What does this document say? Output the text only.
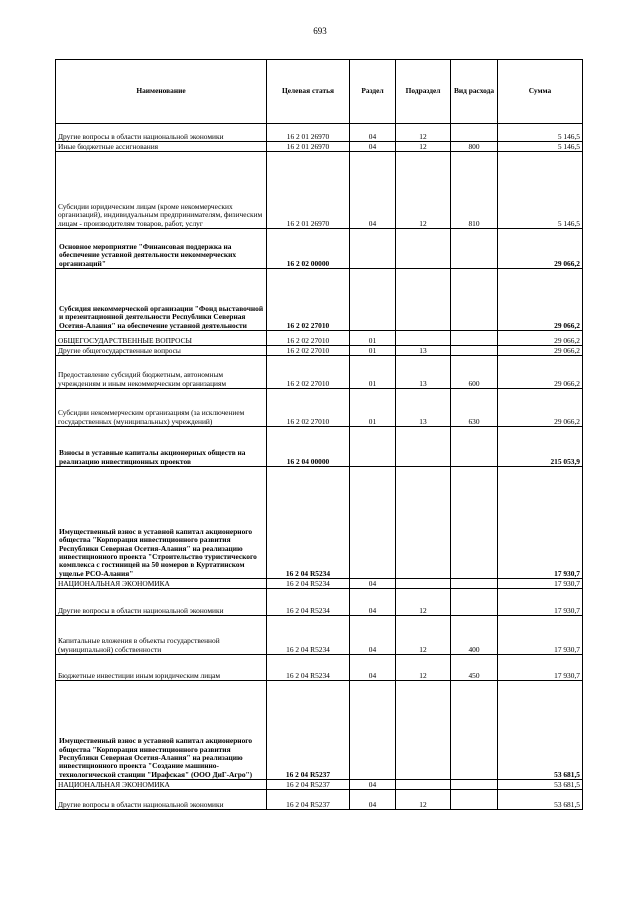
693
Наименование	Целевая статья	Раздел	Подраздел	Вид расхода	Сумма
Другие вопросы в области национальной экономики	16 2 01 26970	04	12		5 146,5
Иные бюджетные ассигнования	16 2 01 26970	04	12	800	5 146,5
Субсидии юридическим лицам (кроме некоммерческих организаций), индивидуальным предпринимателям, физическим лицам - производителям товаров, работ, услуг	16 2 01 26970	04	12	810	5 146,5
Основное мероприятие "Финансовая поддержка на обеспечение уставной деятельности некоммерческих организаций"	16 2 02 00000				29 066,2
Субсидия некоммерческой организации "Фонд выставочной и презентационной деятельности Республики Северная Осетия-Алания" на обеспечение уставной деятельности	16 2 02 27010				29 066,2
ОБЩЕГОСУДАРСТВЕННЫЕ ВОПРОСЫ	16 2 02 27010	01			29 066,2
Другие общегосударственные вопросы	16 2 02 27010	01	13		29 066,2
Предоставление субсидий бюджетным, автономным учреждениям и иным некоммерческим организациям	16 2 02 27010	01	13	600	29 066,2
Субсидии некоммерческим организациям (за исключением государственных (муниципальных) учреждений)	16 2 02 27010	01	13	630	29 066,2
Взносы в уставные капиталы акционерных обществ на реализацию инвестиционных проектов	16 2 04 00000				215 053,9
Имущественный взнос в уставной капитал акционерного общества "Корпорация инвестиционного развития Республики Северная Осетия-Алания" на реализацию инвестиционного проекта "Строительство туристического комплекса с гостиницей на 50 номеров в Куртатинском ущелье РСО-Алания"	16 2 04 R5234				17 930,7
НАЦИОНАЛЬНАЯ ЭКОНОМИКА	16 2 04 R5234	04			17 930,7
Другие вопросы в области национальной экономики	16 2 04 R5234	04	12		17 930,7
Капитальные вложения в объекты государственной (муниципальной) собственности	16 2 04 R5234	04	12	400	17 930,7
Бюджетные инвестиции иным юридическим лицам	16 2 04 R5234	04	12	450	17 930,7
Имущественный взнос в уставной капитал акционерного общества "Корпорация инвестиционного развития Республики Северная Осетия-Алания" на реализацию инвестиционного проекта "Создание машинно-технологической станции "Ирафская" (ООО ДиГ-Агро")	16 2 04 R5237				53 681,5
НАЦИОНАЛЬНАЯ ЭКОНОМИКА	16 2 04 R5237	04			53 681,5
Другие вопросы в области национальной экономики	16 2 04 R5237	04	12		53 681,5
